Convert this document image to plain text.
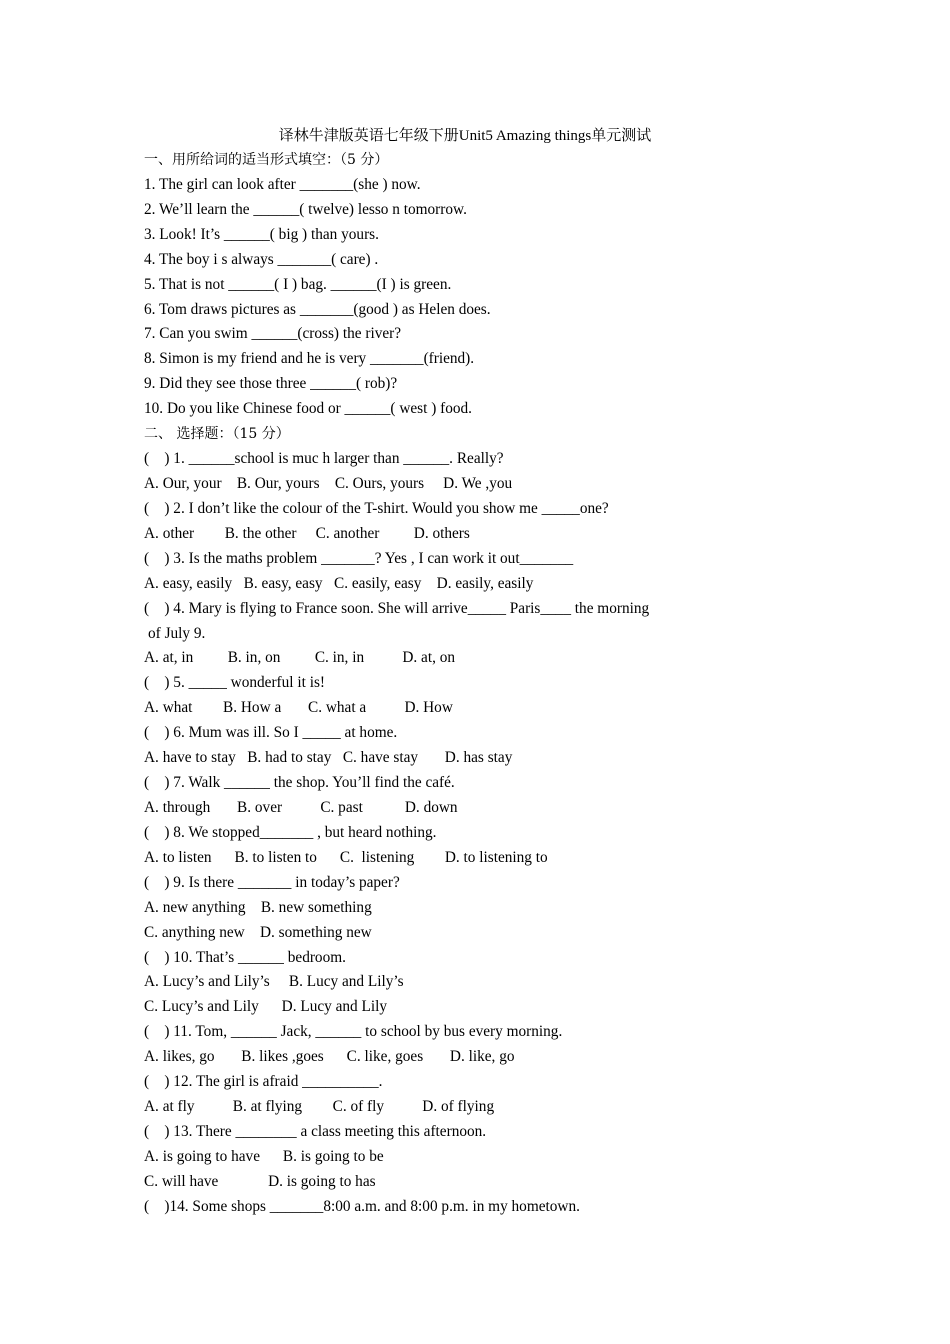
译林牛津版英语七年级下册Unit5 Amazing things单元测试
一、用所给词的适当形式填空：（5 分）
1. The girl can look after _______(she ) now.
2. We’ll learn the ______( twelve) lesso n tomorrow.
3. Look! It’s ______( big ) than yours.
4. The boy i s always _______( care) .
5. That is not ______( I ) bag. ______(I ) is green.
6. Tom draws pictures as _______(good ) as Helen does.
7. Can you swim ______(cross) the river?
8. Simon is my friend and he is very _______(friend).
9. Did they see those three ______( rob)?
10. Do you like Chinese food or ______( west ) food.
二、 选择题：（15 分）
(    ) 1. ______school is muc h larger than ______. Really?
A. Our, your    B. Our, yours    C. Ours, yours     D. We ,you
(    ) 2. I don’t like the colour of the T-shirt. Would you show me _____one?
A. other        B. the other     C. another         D. others
(    ) 3. Is the maths problem _______? Yes , I can work it out_______
A. easy, easily   B. easy, easy   C. easily, easy    D. easily, easily
(    ) 4. Mary is flying to France soon. She will arrive_____ Paris____ the morning
of July 9.
A. at, in         B. in, on         C. in, in          D. at, on
(    ) 5. _____ wonderful it is!
A. what        B. How a       C. what a          D. How
(    ) 6. Mum was ill. So I _____ at home.
A. have to stay   B. had to stay   C. have stay       D. has stay
(    ) 7. Walk ______ the shop. You’ll find the café.
A. through       B. over          C. past           D. down
(    ) 8. We stopped_______ , but heard nothing.
A. to listen      B. to listen to      C.  listening        D. to listening to
(    ) 9. Is there _______ in today’s paper?
A. new anything    B. new something
C. anything new    D. something new
(    ) 10. That’s ______ bedroom.
A. Lucy’s and Lily’s     B. Lucy and Lily’s
C. Lucy’s and Lily      D. Lucy and Lily
(    ) 11. Tom, ______ Jack, ______ to school by bus every morning.
A. likes, go       B. likes ,goes      C. like, goes       D. like, go
(    ) 12. The girl is afraid __________.
A. at fly          B. at flying        C. of fly          D. of flying
(    ) 13. There ________ a class meeting this afternoon.
A. is going to have      B. is going to be
C. will have             D. is going to has
(    )14. Some shops _______8:00 a.m. and 8:00 p.m. in my hometown.
